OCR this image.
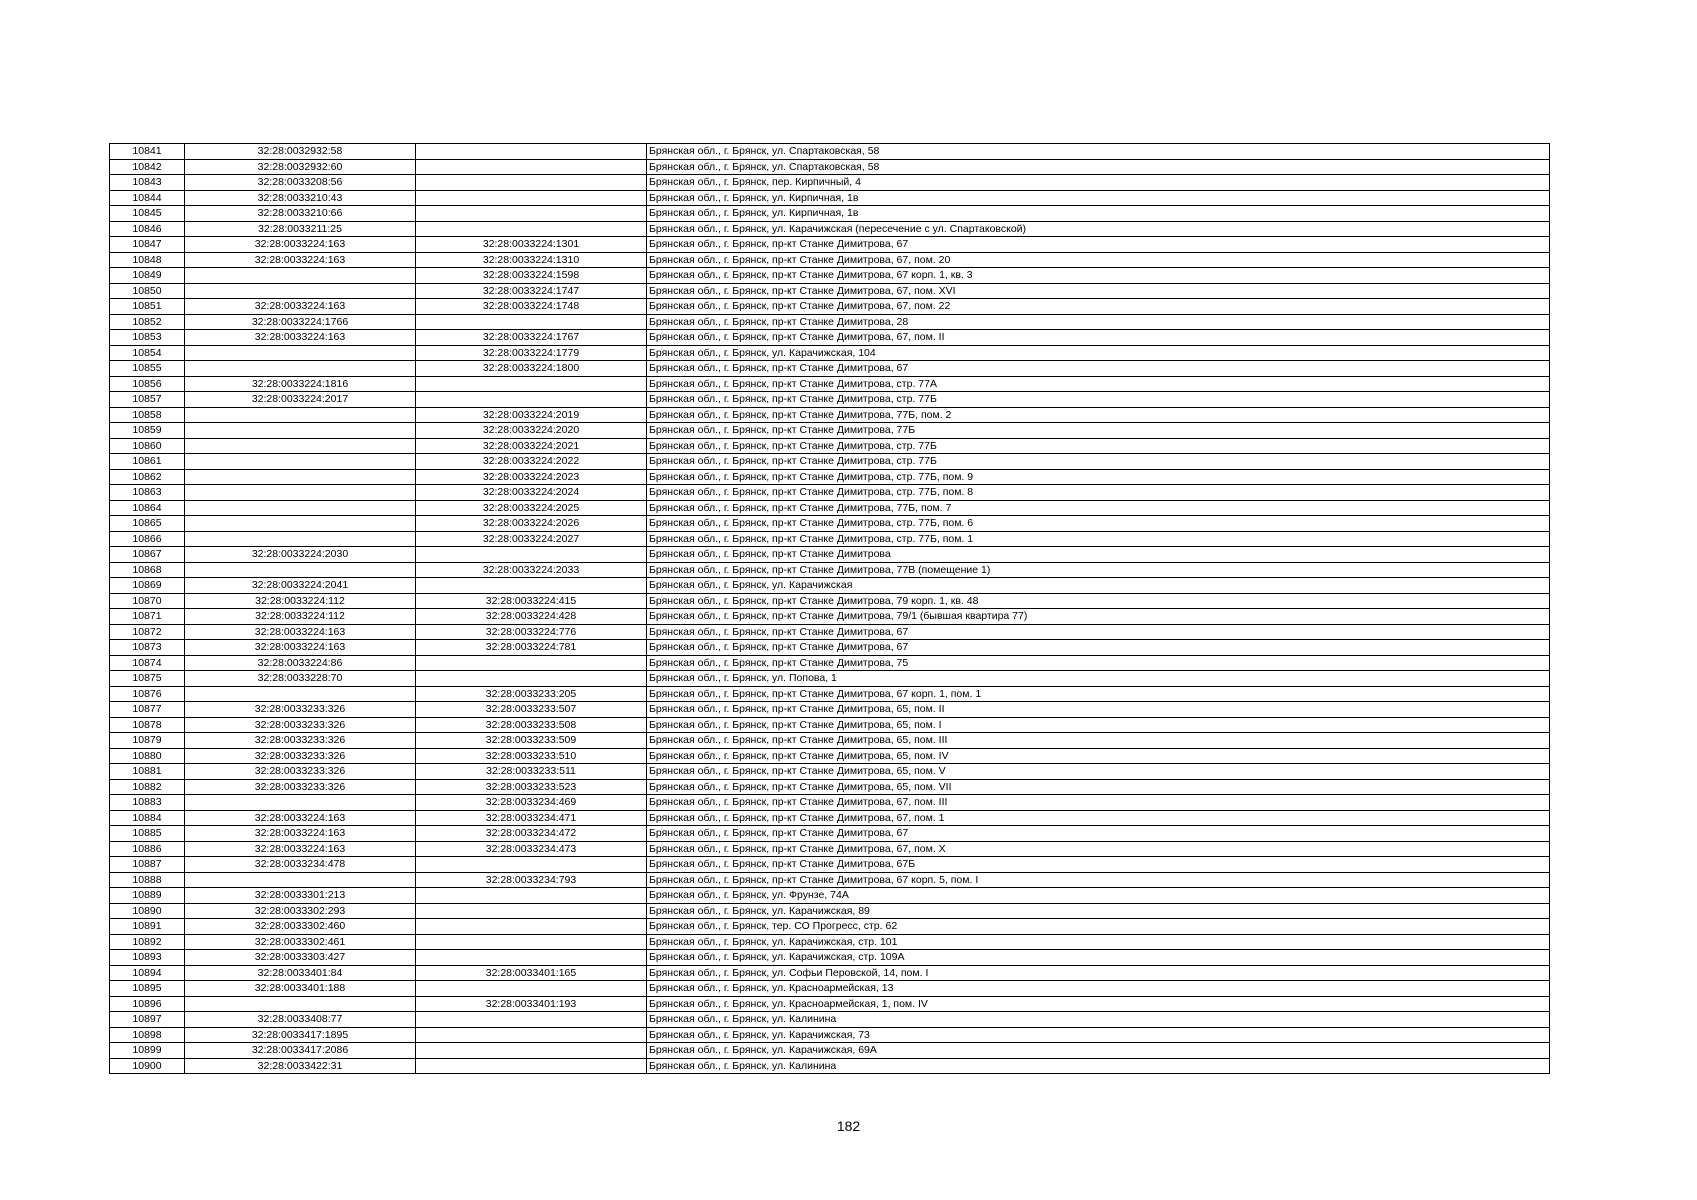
10841	32:28:0032932:58		Брянская обл., г. Брянск, ул. Спартаковская, 58
10842	32:28:0032932:60		Брянская обл., г. Брянск, ул. Спартаковская, 58
10843	32:28:0033208:56		Брянская обл., г. Брянск, пер. Кирпичный, 4
10844	32:28:0033210:43		Брянская обл., г. Брянск, ул. Кирпичная, 1в
10845	32:28:0033210:66		Брянская обл., г. Брянск, ул. Кирпичная, 1в
10846	32:28:0033211:25		Брянская обл., г. Брянск, ул. Карачижская (пересечение с ул. Спартаковской)
10847	32:28:0033224:163	32:28:0033224:1301	Брянская обл., г. Брянск, пр-кт Станке Димитрова, 67
10848	32:28:0033224:163	32:28:0033224:1310	Брянская обл., г. Брянск, пр-кт Станке Димитрова, 67, пом. 20
10849		32:28:0033224:1598	Брянская обл., г. Брянск, пр-кт Станке Димитрова, 67 корп. 1, кв. 3
10850		32:28:0033224:1747	Брянская обл., г. Брянск, пр-кт Станке Димитрова, 67, пом. XVI
10851	32:28:0033224:163	32:28:0033224:1748	Брянская обл., г. Брянск, пр-кт Станке Димитрова, 67, пом. 22
10852	32:28:0033224:1766		Брянская обл., г. Брянск, пр-кт Станке Димитрова, 28
10853	32:28:0033224:163	32:28:0033224:1767	Брянская обл., г. Брянск, пр-кт Станке Димитрова, 67, пом. II
10854		32:28:0033224:1779	Брянская обл., г. Брянск, ул. Карачижская, 104
10855		32:28:0033224:1800	Брянская обл., г. Брянск, пр-кт Станке Димитрова, 67
10856	32:28:0033224:1816		Брянская обл., г. Брянск, пр-кт Станке Димитрова, стр. 77А
10857	32:28:0033224:2017		Брянская обл., г. Брянск, пр-кт Станке Димитрова, стр. 77Б
10858		32:28:0033224:2019	Брянская обл., г. Брянск, пр-кт Станке Димитрова, 77Б, пом. 2
10859		32:28:0033224:2020	Брянская обл., г. Брянск, пр-кт Станке Димитрова, 77Б
10860		32:28:0033224:2021	Брянская обл., г. Брянск, пр-кт Станке Димитрова, стр. 77Б
10861		32:28:0033224:2022	Брянская обл., г. Брянск, пр-кт Станке Димитрова, стр. 77Б
10862		32:28:0033224:2023	Брянская обл., г. Брянск, пр-кт Станке Димитрова, стр. 77Б, пом. 9
10863		32:28:0033224:2024	Брянская обл., г. Брянск, пр-кт Станке Димитрова, стр. 77Б, пом. 8
10864		32:28:0033224:2025	Брянская обл., г. Брянск, пр-кт Станке Димитрова, 77Б, пом. 7
10865		32:28:0033224:2026	Брянская обл., г. Брянск, пр-кт Станке Димитрова, стр. 77Б, пом. 6
10866		32:28:0033224:2027	Брянская обл., г. Брянск, пр-кт Станке Димитрова, стр. 77Б, пом. 1
10867	32:28:0033224:2030		Брянская обл., г. Брянск, пр-кт Станке Димитрова
10868		32:28:0033224:2033	Брянская обл., г. Брянск, пр-кт Станке Димитрова, 77В (помещение 1)
10869	32:28:0033224:2041		Брянская обл., г. Брянск, ул. Карачижская
10870	32:28:0033224:112	32:28:0033224:415	Брянская обл., г. Брянск, пр-кт Станке Димитрова, 79 корп. 1, кв. 48
10871	32:28:0033224:112	32:28:0033224:428	Брянская обл., г. Брянск, пр-кт Станке Димитрова, 79/1 (бывшая квартира 77)
10872	32:28:0033224:163	32:28:0033224:776	Брянская обл., г. Брянск, пр-кт Станке Димитрова, 67
10873	32:28:0033224:163	32:28:0033224:781	Брянская обл., г. Брянск, пр-кт Станке Димитрова, 67
10874	32:28:0033224:86		Брянская обл., г. Брянск, пр-кт Станке Димитрова, 75
10875	32:28:0033228:70		Брянская обл., г. Брянск, ул. Попова, 1
10876		32:28:0033233:205	Брянская обл., г. Брянск, пр-кт Станке Димитрова, 67 корп. 1, пом. 1
10877	32:28:0033233:326	32:28:0033233:507	Брянская обл., г. Брянск, пр-кт Станке Димитрова, 65, пом. II
10878	32:28:0033233:326	32:28:0033233:508	Брянская обл., г. Брянск, пр-кт Станке Димитрова, 65, пом. I
10879	32:28:0033233:326	32:28:0033233:509	Брянская обл., г. Брянск, пр-кт Станке Димитрова, 65, пом. III
10880	32:28:0033233:326	32:28:0033233:510	Брянская обл., г. Брянск, пр-кт Станке Димитрова, 65, пом. IV
10881	32:28:0033233:326	32:28:0033233:511	Брянская обл., г. Брянск, пр-кт Станке Димитрова, 65, пом. V
10882	32:28:0033233:326	32:28:0033233:523	Брянская обл., г. Брянск, пр-кт Станке Димитрова, 65, пом. VII
10883		32:28:0033234:469	Брянская обл., г. Брянск, пр-кт Станке Димитрова, 67, пом. III
10884	32:28:0033224:163	32:28:0033234:471	Брянская обл., г. Брянск, пр-кт Станке Димитрова, 67, пом. 1
10885	32:28:0033224:163	32:28:0033234:472	Брянская обл., г. Брянск, пр-кт Станке Димитрова, 67
10886	32:28:0033224:163	32:28:0033234:473	Брянская обл., г. Брянск, пр-кт Станке Димитрова, 67, пом. X
10887	32:28:0033234:478		Брянская обл., г. Брянск, пр-кт Станке Димитрова, 67Б
10888		32:28:0033234:793	Брянская обл., г. Брянск, пр-кт Станке Димитрова, 67 корп. 5, пом. I
10889	32:28:0033301:213		Брянская обл., г. Брянск, ул. Фрунзе, 74А
10890	32:28:0033302:293		Брянская обл., г. Брянск, ул. Карачижская, 89
10891	32:28:0033302:460		Брянская обл., г. Брянск, тер. СО Прогресс, стр. 62
10892	32:28:0033302:461		Брянская обл., г. Брянск, ул. Карачижская, стр. 101
10893	32:28:0033303:427		Брянская обл., г. Брянск, ул. Карачижская, стр. 109А
10894	32:28:0033401:84	32:28:0033401:165	Брянская обл., г. Брянск, ул. Софьи Перовской, 14, пом. I
10895	32:28:0033401:188		Брянская обл., г. Брянск, ул. Красноармейская, 13
10896		32:28:0033401:193	Брянская обл., г. Брянск, ул. Красноармейская, 1, пом. IV
10897	32:28:0033408:77		Брянская обл., г. Брянск, ул. Калинина
10898	32:28:0033417:1895		Брянская обл., г. Брянск, ул. Карачижская, 73
10899	32:28:0033417:2086		Брянская обл., г. Брянск, ул. Карачижская, 69А
10900	32:28:0033422:31		Брянская обл., г. Брянск, ул. Калинина
182
